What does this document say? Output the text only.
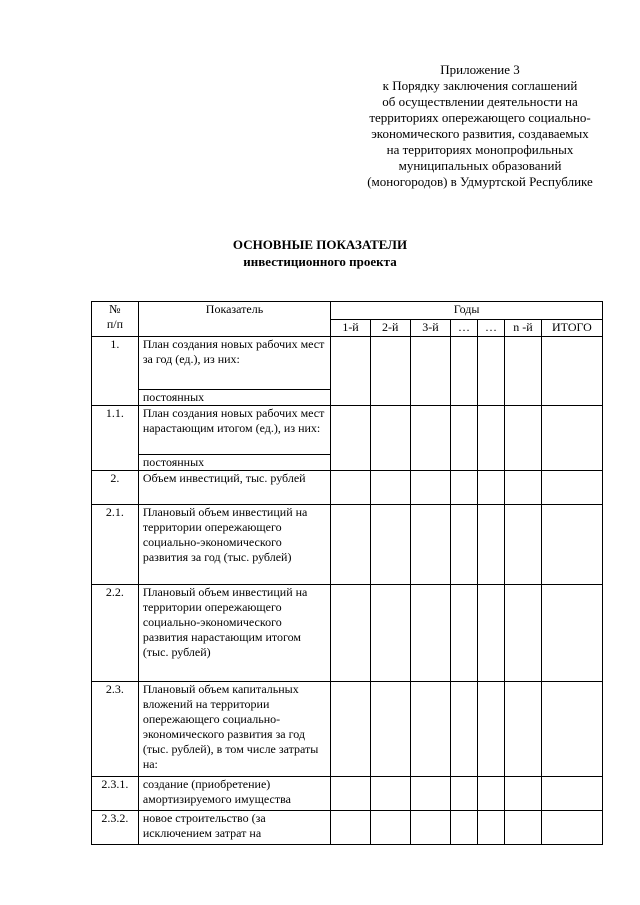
Приложение 3
к Порядку заключения соглашений
об осуществлении деятельности на
территориях опережающего социально-
экономического развития, создаваемых
на территориях монопрофильных
муниципальных образований
(моногородов) в Удмуртской Республике
ОСНОВНЫЕ ПОКАЗАТЕЛИ
инвестиционного проекта
№
п/п	Показатель	Годы						
		1-й	2-й	3-й	…	…	n -й	ИТОГО
1.	План создания новых рабочих мест за год (ед.), из них:							
	постоянных							
1.1.	План создания новых рабочих мест нарастающим итогом (ед.), из них:							
	постоянных							
2.	Объем инвестиций, тыс. рублей							
2.1.	Плановый объем инвестиций на территории опережающего социально-экономического развития за год (тыс. рублей)							
2.2.	Плановый объем инвестиций на территории опережающего социально-экономического развития нарастающим итогом (тыс. рублей)							
2.3.	Плановый объем капитальных вложений на территории опережающего социально-экономического развития за год (тыс. рублей), в том числе затраты на:							
2.3.1.	создание (приобретение) амортизируемого имущества							
2.3.2.	новое строительство (за исключением затрат на							
